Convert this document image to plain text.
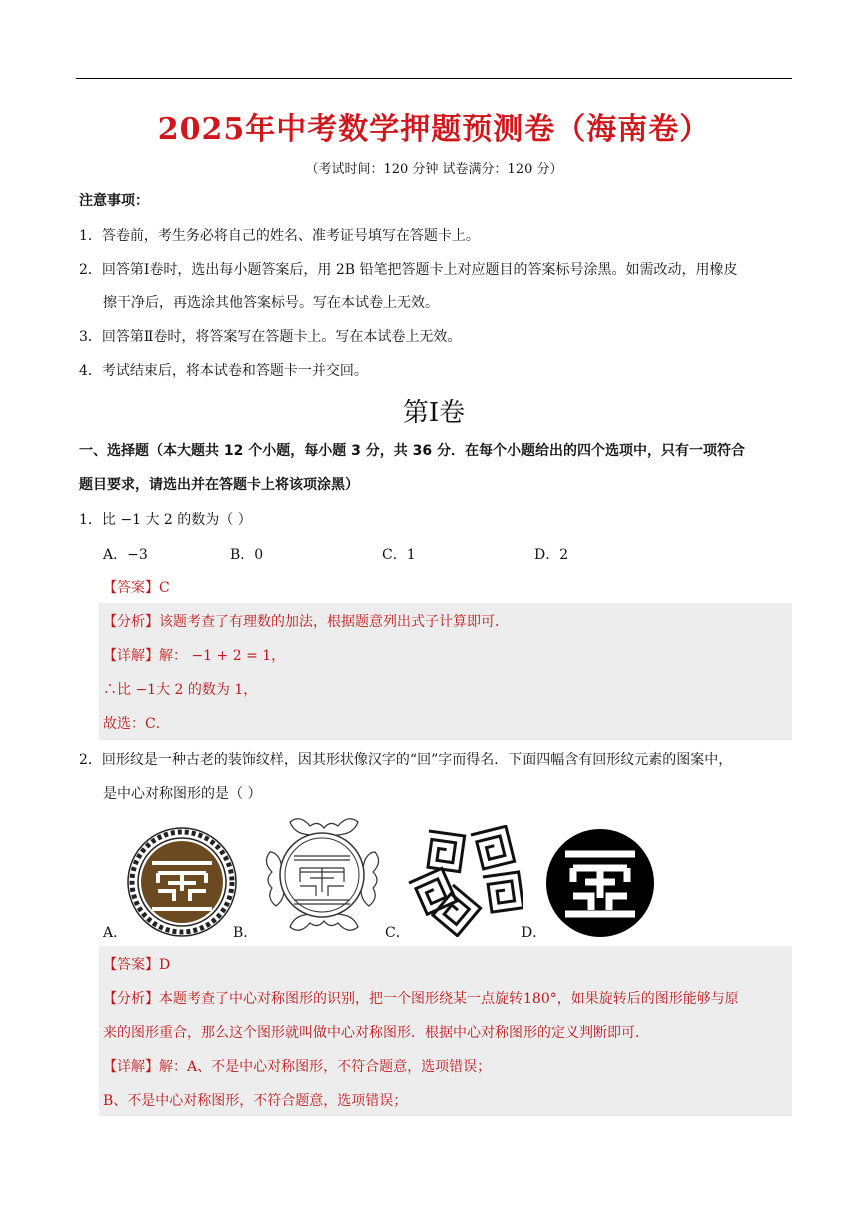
2025年中考数学押题预测卷（海南卷）
（考试时间：120 分钟 试卷满分：120 分）
注意事项：
1．答卷前，考生务必将自己的姓名、准考证号填写在答题卡上。
2．回答第Ⅰ卷时，选出每小题答案后，用 2B 铅笔把答题卡上对应题目的答案标号涂黑。如需改动，用橡皮
擦干净后，再选涂其他答案标号。写在本试卷上无效。
3．回答第Ⅱ卷时，将答案写在答题卡上。写在本试卷上无效。
4．考试结束后，将本试卷和答题卡一并交回。
第Ⅰ卷
一、选择题（本大题共 12 个小题，每小题 3 分，共 36 分．在每个小题给出的四个选项中，只有一项符合
题目要求，请选出并在答题卡上将该项涂黑）
1．比 −1 大 2 的数为（ ）
A．−3	B．0	C．1	D．2
【答案】C
【分析】该题考查了有理数的加法，根据题意列出式子计算即可．
【详解】解： −1 + 2 = 1，
∴比 −1大 2 的数为 1，
故选：C．
2．回形纹是一种古老的装饰纹样，因其形状像汉字的“回”字而得名．下面四幅含有回形纹元素的图案中，
是中心对称图形的是（ ）
A．	B．	C．	D．
【答案】D
【分析】本题考查了中心对称图形的识别，把一个图形绕某一点旋转180°，如果旋转后的图形能够与原
来的图形重合，那么这个图形就叫做中心对称图形．根据中心对称图形的定义判断即可．
【详解】解：A、不是中心对称图形，不符合题意，选项错误；
B、不是中心对称图形，不符合题意，选项错误；
